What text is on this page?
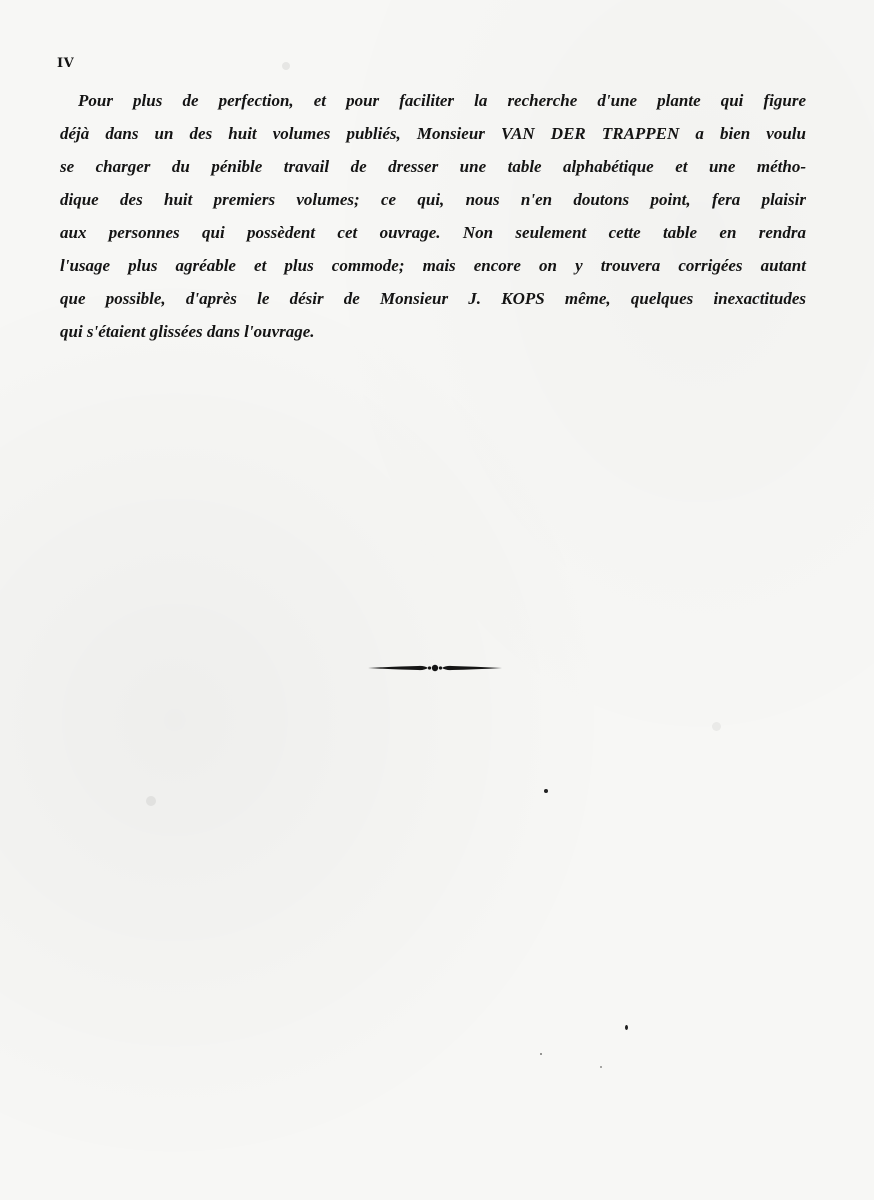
IV
Pour plus de perfection, et pour faciliter la recherche d'une plante qui figure
déjà dans un des huit volumes publiés, Monsieur VAN DER TRAPPEN a bien voulu
se charger du pénible travail de dresser une table alphabétique et une métho-
dique des huit premiers volumes; ce qui, nous n'en doutons point, fera plaisir
aux personnes qui possèdent cet ouvrage. Non seulement cette table en rendra
l'usage plus agréable et plus commode; mais encore on y trouvera corrigées autant
que possible, d'après le désir de Monsieur J. KOPS même, quelques inexactitudes
qui s'étaient glissées dans l'ouvrage.
